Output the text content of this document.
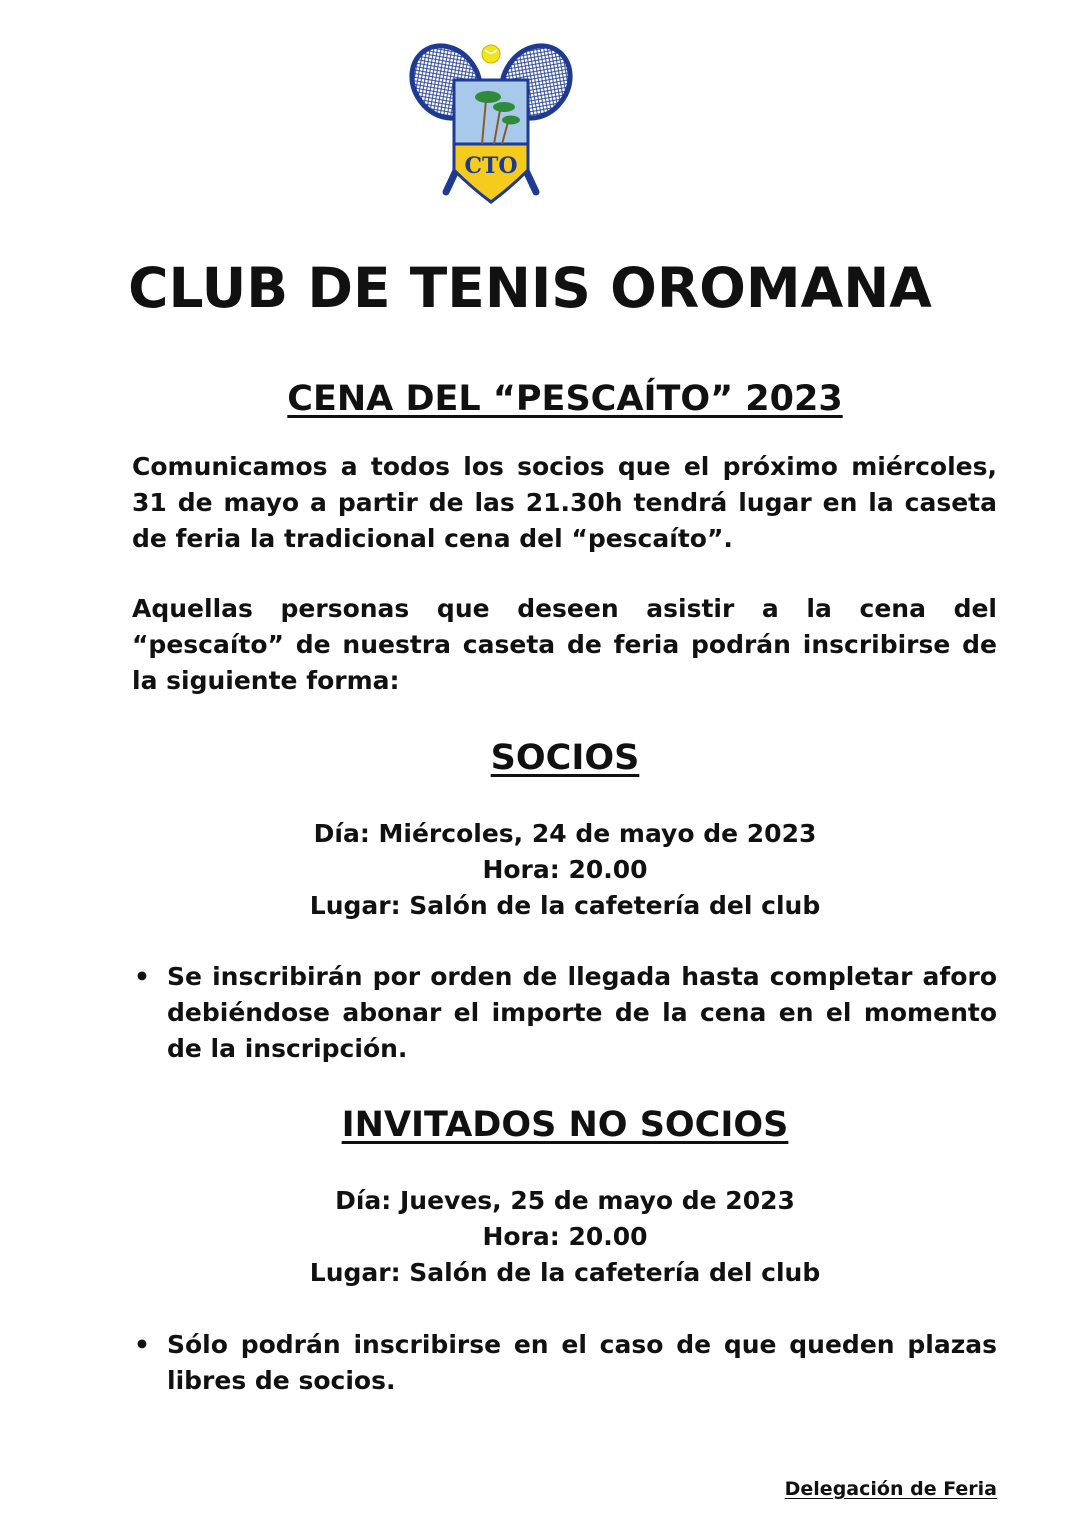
CTO
CLUB DE TENIS OROMANA
CENA DEL “PESCAÍTO” 2023

Comunicamos a todos los socios que el próximo miércoles, 31 de mayo a partir de las 21.30h tendrá lugar en la caseta de feria la tradicional cena del “pescaíto”.

Aquellas personas que deseen asistir a la cena del “pescaíto” de nuestra caseta de feria podrán inscribirse de la siguiente forma:

SOCIOS

Día: Miércoles, 24 de mayo de 2023

Hora: 20.00

Lugar: Salón de la cafetería del club

• Se inscribirán por orden de llegada hasta completar aforo debiéndose abonar el importe de la cena en el momento de la inscripción.
INVITADOS NO SOCIOS

Día: Jueves, 25 de mayo de 2023

Hora: 20.00

Lugar: Salón de la cafetería del club

• Sólo podrán inscribirse en el caso de que queden plazas libres de socios.

Delegación de Feria
